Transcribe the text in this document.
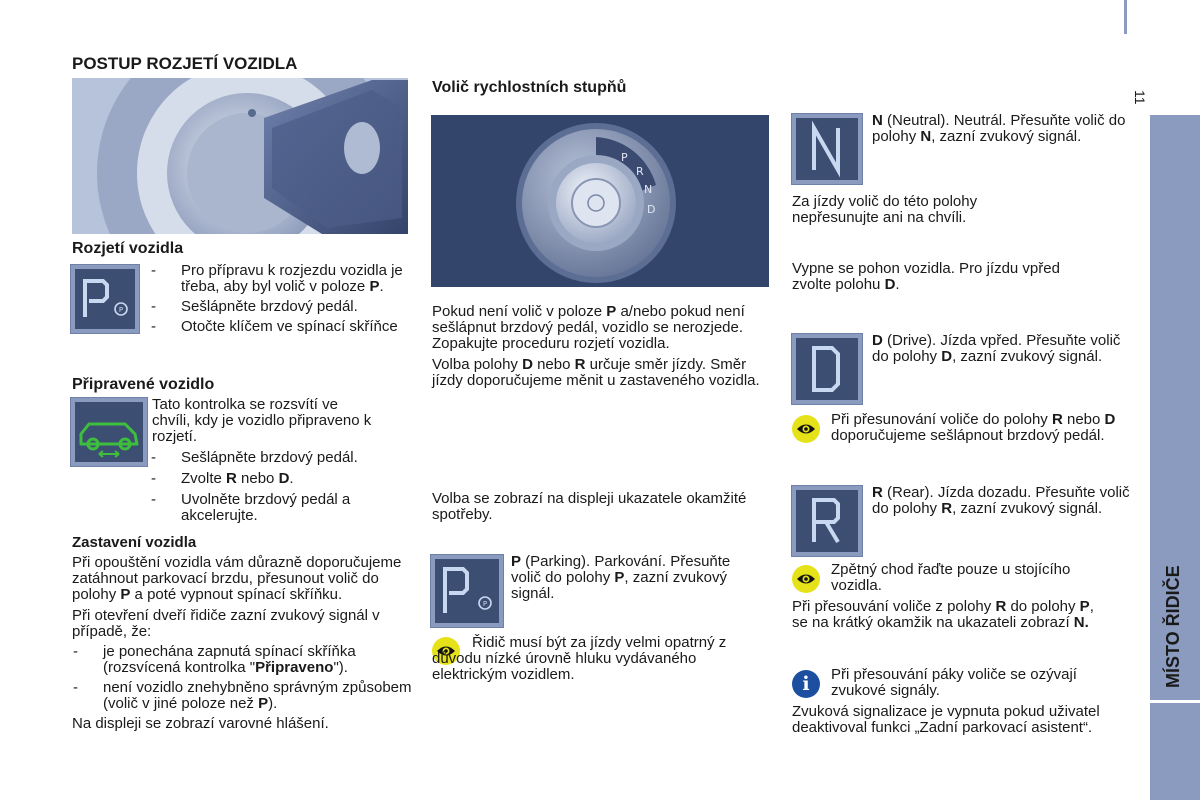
11
MÍSTO ŘIDIČE
POSTUP ROZJETÍ VOZIDLA
Rozjetí vozidla
P
-	Pro přípravu k rozjezdu vozidla je třeba, aby byl volič v poloze P.
-	Sešlápněte brzdový pedál.
-	Otočte klíčem ve spínací skříňce
Připravené vozidlo
Tato kontrolka se rozsvítí ve chvíli, kdy je vozidlo připraveno k rozjetí.
-	Sešlápněte brzdový pedál.
-	Zvolte R nebo D.
-	Uvolněte brzdový pedál a akcelerujte.
Zastavení vozidla

Při opouštění vozidla vám důrazně doporučujeme zatáhnout parkovací brzdu, přesunout volič do polohy P a poté vypnout spínací skříňku.

Při otevření dveří řidiče zazní zvukový signál v případě, že:

-	je ponechána zapnutá spínací skříňka (rozsvícená kontrolka "Připraveno").
-	není vozidlo znehybněno správným způsobem (volič v jiné poloze než P).

Na displeji se zobrazí varovné hlášení.

Volič rychlostních stupňů
P
R
N
D

Pokud není volič v poloze P a/nebo pokud není sešlápnut brzdový pedál, vozidlo se nerozjede. Zopakujte proceduru rozjetí vozidla.

Volba polohy D nebo R určuje směr jízdy. Směr jízdy doporučujeme měnit u zastaveného vozidla.

Volba se zobrazí na displeji ukazatele okamžité spotřeby.

P

P (Parking). Parkování. Přesuňte volič do polohy P, zazní zvukový signál.

Řidič musí být za jízdy velmi opatrný z důvodu nízké úrovně hluku vydávaného elektrickým vozidlem.

N (Neutral). Neutrál. Přesuňte volič do polohy N, zazní zvukový signál.

Za jízdy volič do této polohy nepřesunujte ani na chvíli.

Vypne se pohon vozidla. Pro jízdu vpřed zvolte polohu D.

D (Drive). Jízda vpřed. Přesuňte volič do polohy D, zazní zvukový signál.

Při přesunování voliče do polohy R nebo D doporučujeme sešlápnout brzdový pedál.

R (Rear). Jízda dozadu. Přesuňte volič do polohy R, zazní zvukový signál.

Zpětný chod řaďte pouze u stojícího vozidla.

Při přesouvání voliče z polohy R do polohy P, se na krátký okamžik na ukazateli zobrazí N.

i	Při přesouvání páky voliče se ozývají zvukové signály.

Zvuková signalizace je vypnuta pokud uživatel deaktivoval funkci „Zadní parkovací asistent“.
